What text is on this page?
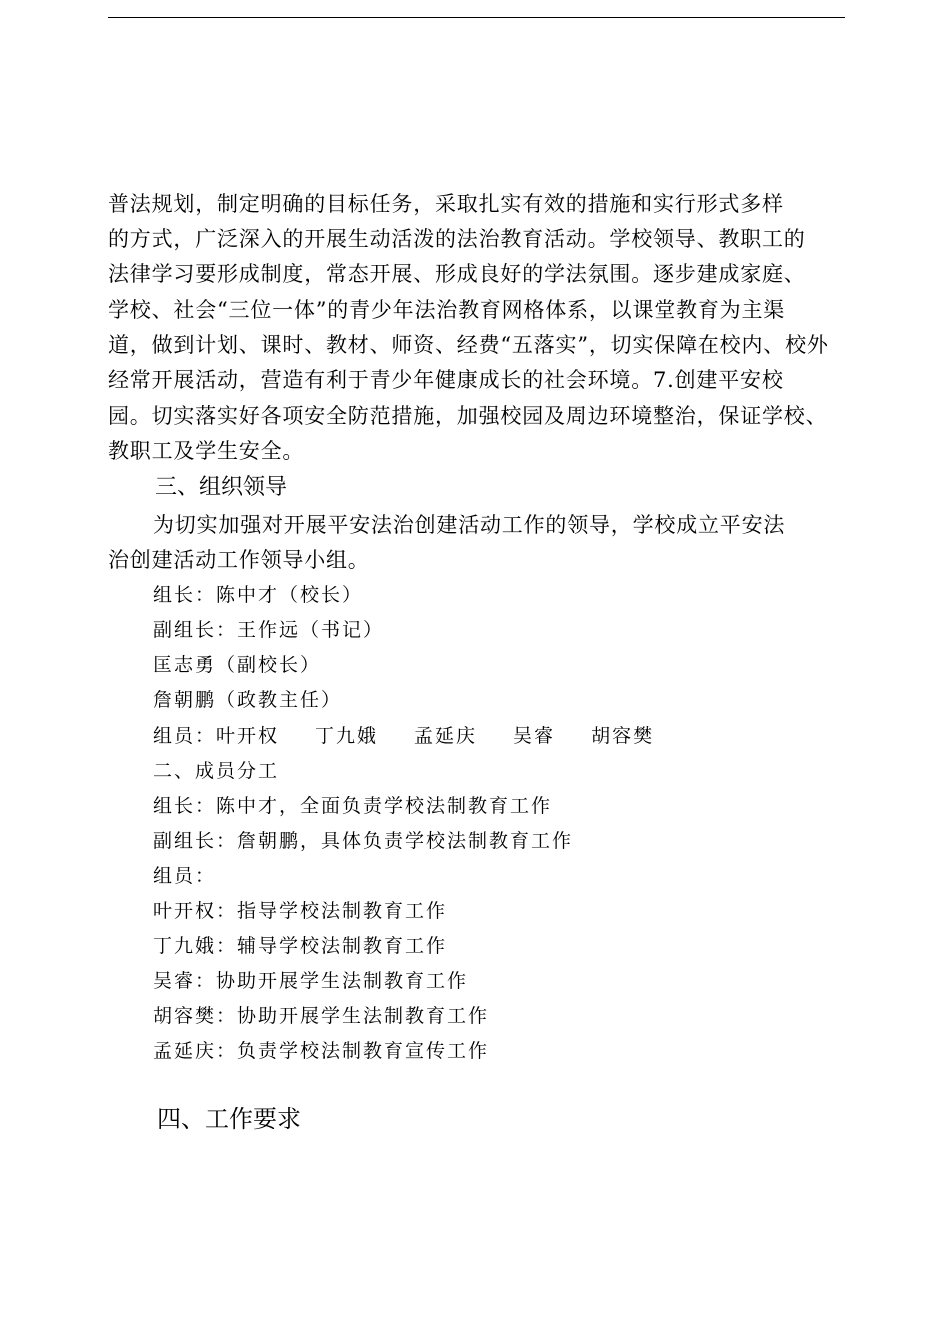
普法规划，制定明确的目标任务，采取扎实有效的措施和实行形式多样
的方式，广泛深入的开展生动活泼的法治教育活动。学校领导、教职工的
法律学习要形成制度，常态开展、形成良好的学法氛围。逐步建成家庭、
学校、社会“三位一体”的青少年法治教育网格体系，以课堂教育为主渠
道，做到计划、课时、教材、师资、经费“五落实”，切实保障在校内、校外
经常开展活动，营造有利于青少年健康成长的社会环境。7.创建平安校
园。切实落实好各项安全防范措施，加强校园及周边环境整治，保证学校、
教职工及学生安全。
三、组织领导
为切实加强对开展平安法治创建活动工作的领导，学校成立平安法
治创建活动工作领导小组。
组长：陈中才（校长）
副组长：王作远（书记）
匡志勇（副校长）
詹朝鹏（政教主任）
组员：叶开权 丁九娥 孟延庆 吴睿 胡容樊
二、成员分工
组长：陈中才，全面负责学校法制教育工作
副组长：詹朝鹏，具体负责学校法制教育工作
组员：
叶开权：指导学校法制教育工作
丁九娥：辅导学校法制教育工作
吴睿：协助开展学生法制教育工作
胡容樊：协助开展学生法制教育工作
孟延庆：负责学校法制教育宣传工作
四、工作要求
